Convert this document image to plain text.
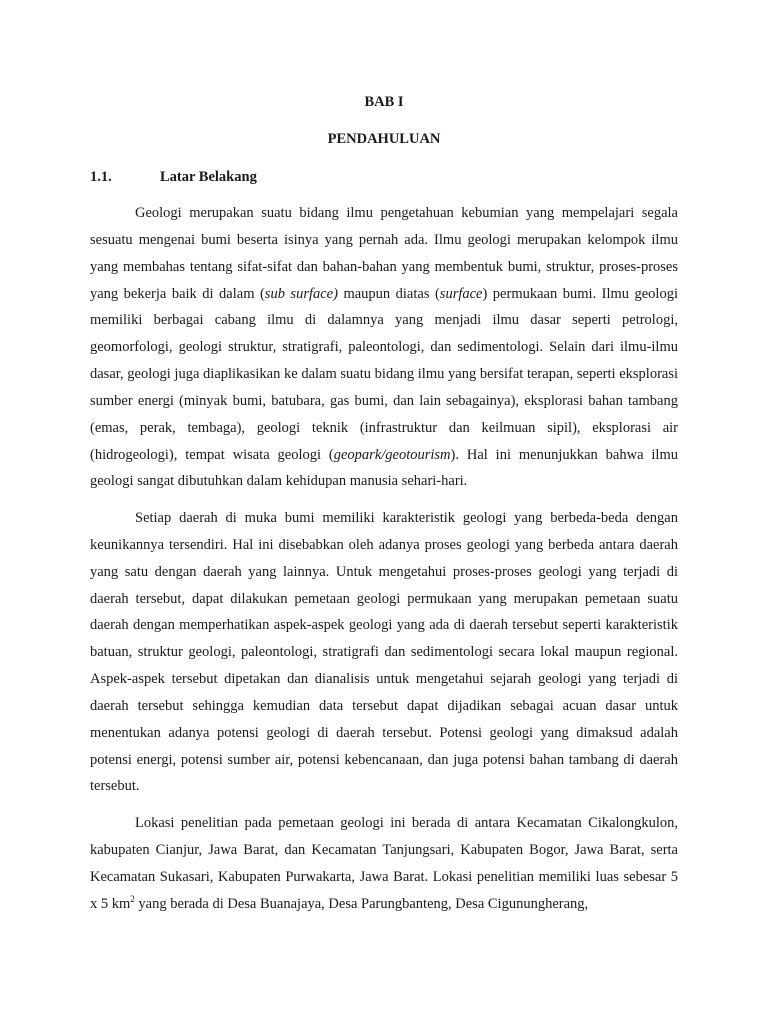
BAB I

PENDAHULUAN

1.1.	Latar Belakang

Geologi merupakan suatu bidang ilmu pengetahuan kebumian yang mempelajari segala sesuatu mengenai bumi beserta isinya yang pernah ada. Ilmu geologi merupakan kelompok ilmu yang membahas tentang sifat-sifat dan bahan-bahan yang membentuk bumi, struktur, proses-proses yang bekerja baik di dalam (sub surface) maupun diatas (surface) permukaan bumi. Ilmu geologi memiliki berbagai cabang ilmu di dalamnya yang menjadi ilmu dasar seperti petrologi, geomorfologi, geologi struktur, stratigrafi, paleontologi, dan sedimentologi. Selain dari ilmu-ilmu dasar, geologi juga diaplikasikan ke dalam suatu bidang ilmu yang bersifat terapan, seperti eksplorasi sumber energi (minyak bumi, batubara, gas bumi, dan lain sebagainya), eksplorasi bahan tambang (emas, perak, tembaga), geologi teknik (infrastruktur dan keilmuan sipil), eksplorasi air (hidrogeologi), tempat wisata geologi (geopark/geotourism). Hal ini menunjukkan bahwa ilmu geologi sangat dibutuhkan dalam kehidupan manusia sehari-hari.

Setiap daerah di muka bumi memiliki karakteristik geologi yang berbeda-beda dengan keunikannya tersendiri. Hal ini disebabkan oleh adanya proses geologi yang berbeda antara daerah yang satu dengan daerah yang lainnya. Untuk mengetahui proses-proses geologi yang terjadi di daerah tersebut, dapat dilakukan pemetaan geologi permukaan yang merupakan pemetaan suatu daerah dengan memperhatikan aspek-aspek geologi yang ada di daerah tersebut seperti karakteristik batuan, struktur geologi, paleontologi, stratigrafi dan sedimentologi secara lokal maupun regional. Aspek-aspek tersebut dipetakan dan dianalisis untuk mengetahui sejarah geologi yang terjadi di daerah tersebut sehingga kemudian data tersebut dapat dijadikan sebagai acuan dasar untuk menentukan adanya potensi geologi di daerah tersebut. Potensi geologi yang dimaksud adalah potensi energi, potensi sumber air, potensi kebencanaan, dan juga potensi bahan tambang di daerah tersebut.

Lokasi penelitian pada pemetaan geologi ini berada di antara Kecamatan Cikalongkulon, kabupaten Cianjur, Jawa Barat, dan Kecamatan Tanjungsari, Kabupaten Bogor, Jawa Barat, serta Kecamatan Sukasari, Kabupaten Purwakarta, Jawa Barat. Lokasi penelitian memiliki luas sebesar 5 x 5 $km^2$ yang berada di Desa Buanajaya, Desa Parungbanteng, Desa Cigunungherang,
